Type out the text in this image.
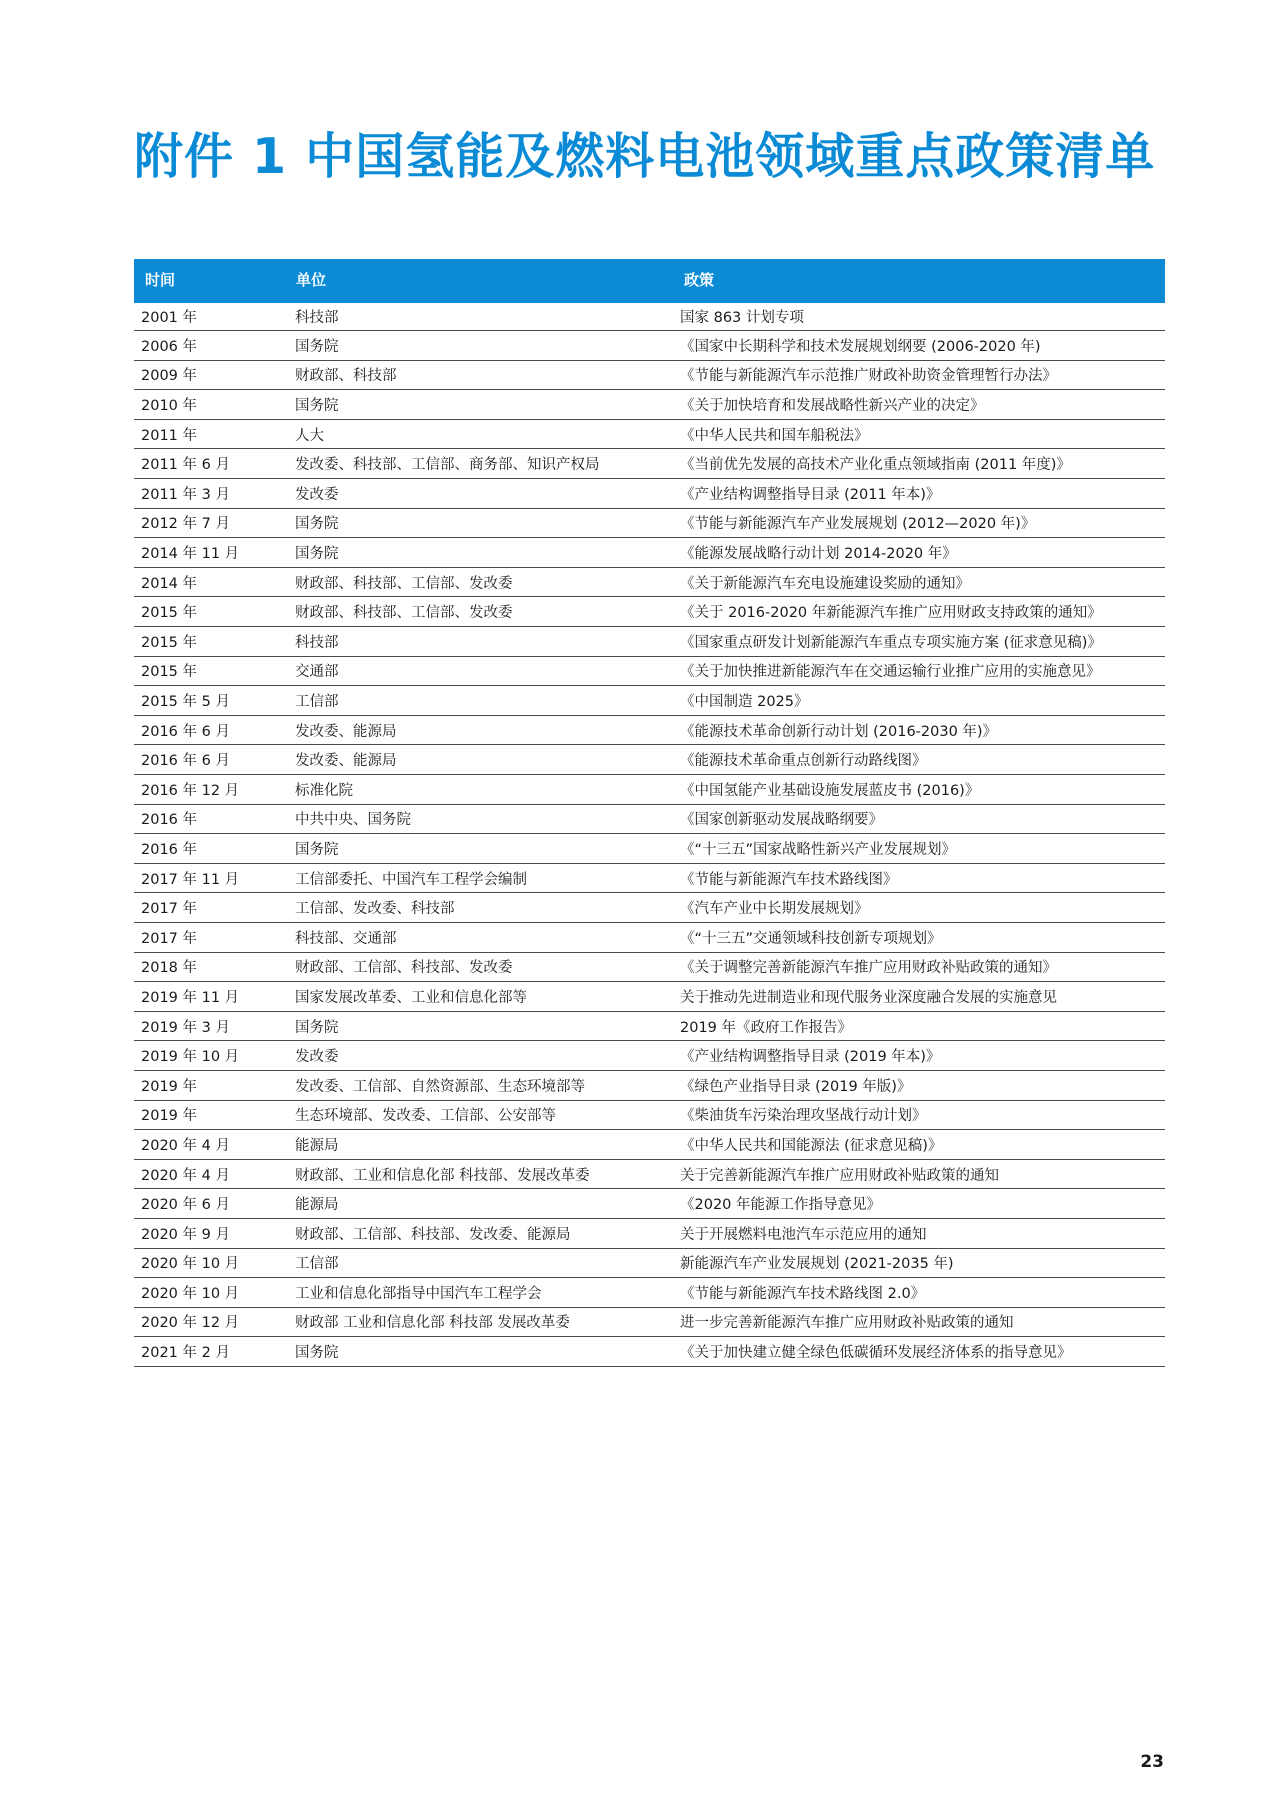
附件 1 中国氢能及燃料电池领域重点政策清单
时间	单位	政策
2001 年	科技部	国家 863 计划专项
2006 年	国务院	《国家中长期科学和技术发展规划纲要 (2006-2020 年)
2009 年	财政部、科技部	《节能与新能源汽车示范推广财政补助资金管理暂行办法》
2010 年	国务院	《关于加快培育和发展战略性新兴产业的决定》
2011 年	人大	《中华人民共和国车船税法》
2011 年 6 月	发改委、科技部、工信部、商务部、知识产权局	《当前优先发展的高技术产业化重点领域指南 (2011 年度)》
2011 年 3 月	发改委	《产业结构调整指导目录 (2011 年本)》
2012 年 7 月	国务院	《节能与新能源汽车产业发展规划 (2012—2020 年)》
2014 年 11 月	国务院	《能源发展战略行动计划 2014-2020 年》
2014 年	财政部、科技部、工信部、发改委	《关于新能源汽车充电设施建设奖励的通知》
2015 年	财政部、科技部、工信部、发改委	《关于 2016-2020 年新能源汽车推广应用财政支持政策的通知》
2015 年	科技部	《国家重点研发计划新能源汽车重点专项实施方案 (征求意见稿)》
2015 年	交通部	《关于加快推进新能源汽车在交通运输行业推广应用的实施意见》
2015 年 5 月	工信部	《中国制造 2025》
2016 年 6 月	发改委、能源局	《能源技术革命创新行动计划 (2016-2030 年)》
2016 年 6 月	发改委、能源局	《能源技术革命重点创新行动路线图》
2016 年 12 月	标准化院	《中国氢能产业基础设施发展蓝皮书 (2016)》
2016 年	中共中央、国务院	《国家创新驱动发展战略纲要》
2016 年	国务院	《“十三五”国家战略性新兴产业发展规划》
2017 年 11 月	工信部委托、中国汽车工程学会编制	《节能与新能源汽车技术路线图》
2017 年	工信部、发改委、科技部	《汽车产业中长期发展规划》
2017 年	科技部、交通部	《“十三五”交通领域科技创新专项规划》
2018 年	财政部、工信部、科技部、发改委	《关于调整完善新能源汽车推广应用财政补贴政策的通知》
2019 年 11 月	国家发展改革委、工业和信息化部等	关于推动先进制造业和现代服务业深度融合发展的实施意见
2019 年 3 月	国务院	2019 年《政府工作报告》
2019 年 10 月	发改委	《产业结构调整指导目录 (2019 年本)》
2019 年	发改委、工信部、自然资源部、生态环境部等	《绿色产业指导目录 (2019 年版)》
2019 年	生态环境部、发改委、工信部、公安部等	《柴油货车污染治理攻坚战行动计划》
2020 年 4 月	能源局	《中华人民共和国能源法 (征求意见稿)》
2020 年 4 月	财政部、工业和信息化部 科技部、发展改革委	关于完善新能源汽车推广应用财政补贴政策的通知
2020 年 6 月	能源局	《2020 年能源工作指导意见》
2020 年 9 月	财政部、工信部、科技部、发改委、能源局	关于开展燃料电池汽车示范应用的通知
2020 年 10 月	工信部	新能源汽车产业发展规划 (2021-2035 年)
2020 年 10 月	工业和信息化部指导中国汽车工程学会	《节能与新能源汽车技术路线图 2.0》
2020 年 12 月	财政部 工业和信息化部 科技部 发展改革委	进一步完善新能源汽车推广应用财政补贴政策的通知
2021 年 2 月	国务院	《关于加快建立健全绿色低碳循环发展经济体系的指导意见》
23
